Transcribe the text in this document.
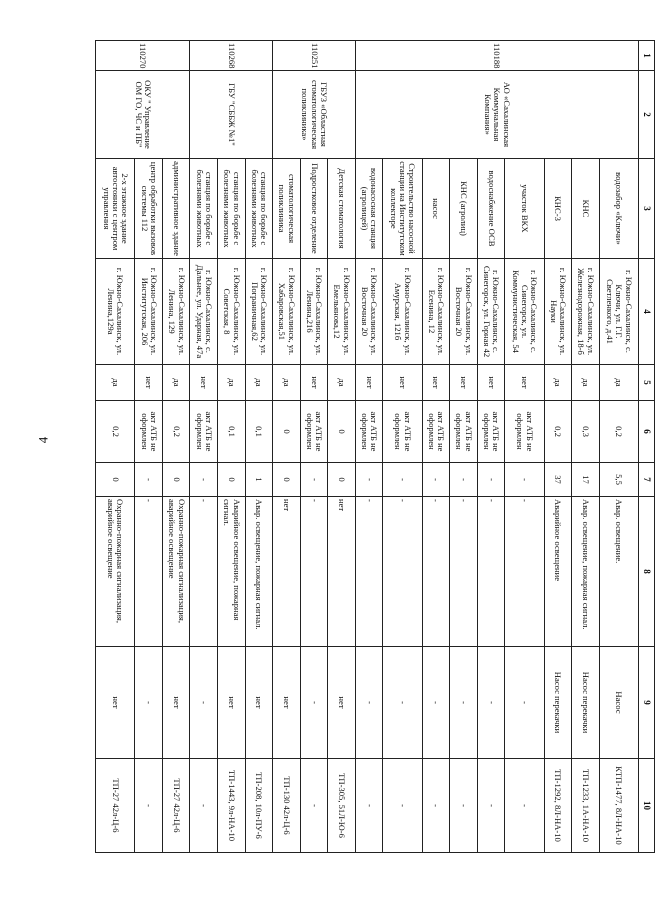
4
1	2	3	4	5	6	7	8	9	10
110188	АО «Сахалинская Коммунальная Компания»	водозабор «Ключи»	г. Южно-Сахалинск, с. Ключи, ул. Г.Г. Светленкого, д.41	да	0,2	5,5	Авар. освещение.	Насос	КТП-1477, 8Л-НА-10
		КНС	г. Южно-Сахалинск, ул. Железнодорожная, 18-б	да	0,3	17	Авар. освещение, пожарная сигнал.	Насос перекачки	ТП-1233, 1А-НА-10
		КНС-3	г. Южно-Сахалинск, ул. Науки	да	0,2	37	Аварийное освещение	Насос перекачки	ТП-1292, 8Л-НА-10
		участок ВКХ	г. Южно-Сахалинск, с. Синегорск, ул. Коммунистическая, 54	нет	акт АТБ не оформлен	-	-	-	-
		водоснабжение ОСВ	г. Южно-Сахалинск, с. Синегорск, ул. Горная 42	нет	акт АТБ не оформлен	-	-	-	-
		КНС (агролиц)	г. Южно-Сахалинск, ул. Восточная 20	нет	акт АТБ не оформлен	-	-	-	-
		насос	г. Южно-Сахалинск, ул. Есенина, 12	нет	акт АТБ не оформлен	-	-	-	-
		Строительство насосной станции на Институтском коллекторе	г. Южно-Сахалинск, ул. Амурская, 121б	нет	акт АТБ не оформлен	-	-	-	-
		водонасосная станция (агролицей)	г. Южно-Сахалинск, ул. Восточная 20	нет	акт АТБ не оформлен	-	-	-	-
110251	ГБУЗ «Областная стоматологическая поликлиника»	Детская стоматология	г. Южно-Сахалинск, ул. Емельянова,12	да	0	0	нет	нет	ТП-305, 51Л-Ю-6
		Подростковое отделение	г. Южно-Сахалинск, ул. Ленина,216	нет	акт АТБ не оформлен	-	-	-	-
		стоматологическая поликлиника	г. Южно-Сахалинск, ул. Хабаровская,51	да	0	0	нет	нет	ТП-130 42л-Ц-6
110268	ГБУ "СББЖ №1"	станция по борьбе с болезнями животных	г. Южно-Сахалинск, ул. Пограничная,62	да	0,1	1	Авар. освещение, пожарная сигнал.	нет	ТП-208, 10л-ПУ-6
		станция по борьбе с болезнями животных	г. Южно-Сахалинск, ул. Советская, 8	да	0,1	0	Аварийное освещение, пожарная сигнал.	нет	ТП-1443, 9л-НА-10
		станция по борьбе с болезнями животных	г. Южно-Сахалинск, с. Дальнее, ул. Ударная, 47а	нет	акт АТБ не оформлен	-	-	-	-
110270	ОКУ " Управление ОМ ГО, ЧС и ПБ"	административное здание	г. Южно-Сахалинск, ул. Ленина, 129	да	0,2	0	Охранно-пожарная сигнализация, аварийное освещение	нет	ТП-27 42л-Ц-6
		центр обработки вызовов системы 112	г. Южно-Сахалинск, ул. Институтская, 206	нет	акт АТБ не оформлен	-	-	-	-
		2-х этажное здание автостоянки с центром управления	г. Южно-Сахалинск, ул. Ленина,129а	да	0,2	0	Охранно-пожарная сигнализация, аварийное освещение	нет	ТП-27 42л-Ц-6
